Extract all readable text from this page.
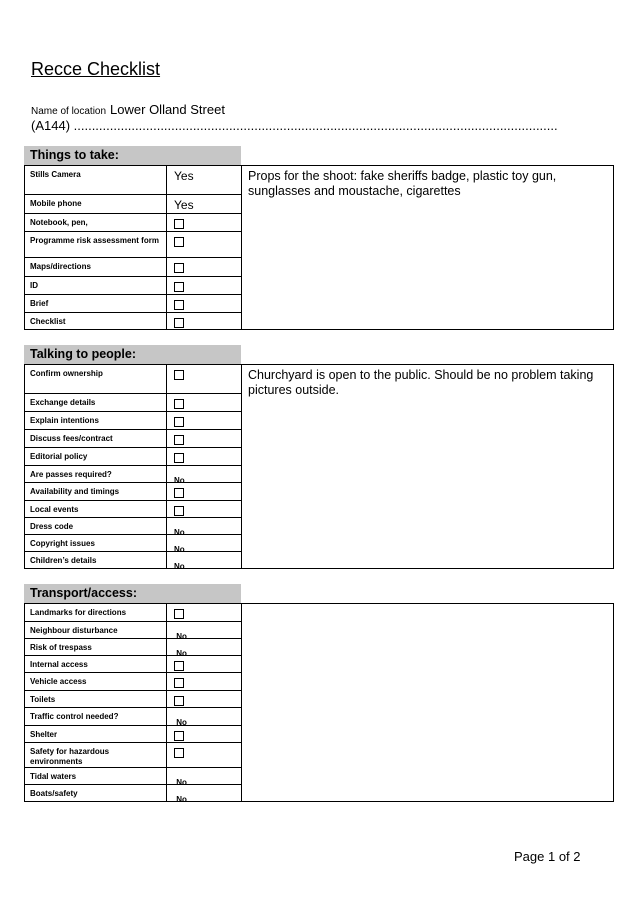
Recce Checklist
Name of location Lower Olland Street
(A144) ......................................................................................................................................
Things to take:
Stills Camera	Yes
Mobile phone	Yes
Notebook, pen,
Programme risk assessment form
Maps/directions
ID
Brief
Checklist
Props for the shoot: fake sheriffs badge, plastic toy gun, sunglasses and moustache, cigarettes
Talking to people:
Confirm ownership
Exchange details
Explain intentions
Discuss fees/contract
Editorial policy
Are passes required?
No
Availability and timings
Local events
Dress code
No
Copyright issues
No
Children’s details
No
Churchyard is open to the public. Should be no problem taking pictures outside.
Transport/access:
Landmarks for directions
Neighbour disturbance
No
Risk of trespass
No
Internal access
Vehicle access
Toilets
Traffic control needed?
No
Shelter
Safety for hazardous environments
Tidal waters
No
Boats/safety
No
Page 1 of 2
